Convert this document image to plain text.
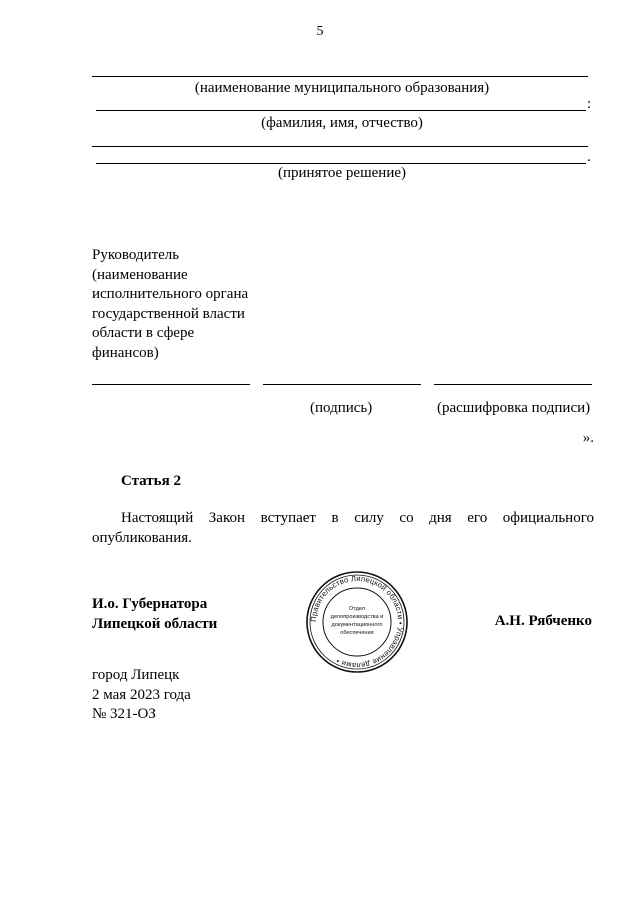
5
(наименование муниципального образования)
:
(фамилия, имя, отчество)
.
(принятое решение)
Руководитель
(наименование
исполнительного органа
государственной власти
области в сфере
финансов)
(подпись)	(расшифровка подписи)
».
Статья 2
Настоящий Закон вступает в силу со дня его официального опубликования.
И.о. Губернатора
Липецкой области	А.Н. Рябченко
Правительство Липецкой области • Управление делами •
Отдел
делопроизводства и
документационного
обеспечения
город Липецк
2 мая 2023 года
№ 321-ОЗ
